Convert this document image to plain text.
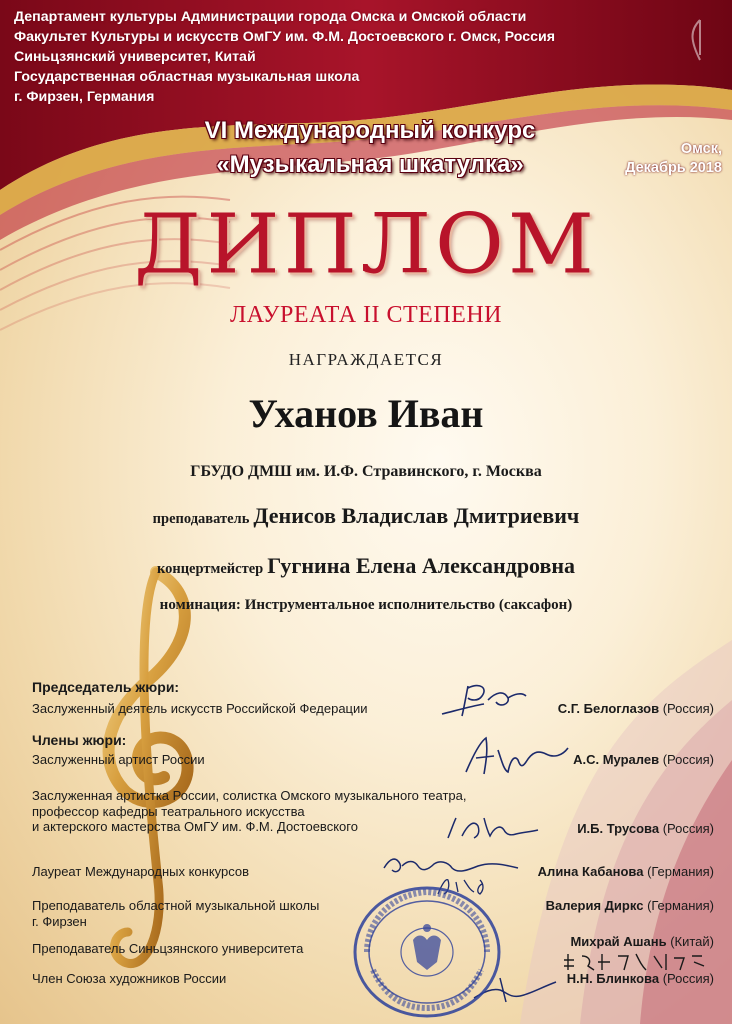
Департамент культуры Администрации города Омска и Омской области
Факультет Культуры и искусств ОмГУ им. Ф.М. Достоевского г. Омск, Россия
Синьцзянский университет, Китай
Государственная областная музыкальная школа
г. Фирзен, Германия
VI Международный конкурс
«Музыкальная шкатулка»
Омск,
Декабрь 2018
ДИПЛОМ
ЛАУРЕАТА II СТЕПЕНИ
НАГРАЖДАЕТСЯ
Уханов Иван
ГБУДО ДМШ им. И.Ф. Стравинского, г. Москва
преподаватель Денисов Владислав Дмитриевич
концертмейстер Гугнина Елена Александровна
номинация: Инструментальное исполнительство (саксафон)
Председатель жюри:
Заслуженный деятель искусств Российской Федерации	С.Г. Белоглазов (Россия)
Члены жюри:
Заслуженный артист России	А.С. Муралев (Россия)
Заслуженная артистка России, солистка Омского музыкального театра,
профессор кафедры театрального искусства
и актерского мастерства ОмГУ им. Ф.М. Достоевского	И.Б. Трусова (Россия)
Лауреат Международных конкурсов	Алина Кабанова (Германия)
Преподаватель областной музыкальной школы
г. Фирзен
Валерия Диркс (Германия)
Преподаватель Синьцзянского университета	Михрай Ашань (Китай)
Член Союза художников России	Н.Н. Блинкова (Россия)
